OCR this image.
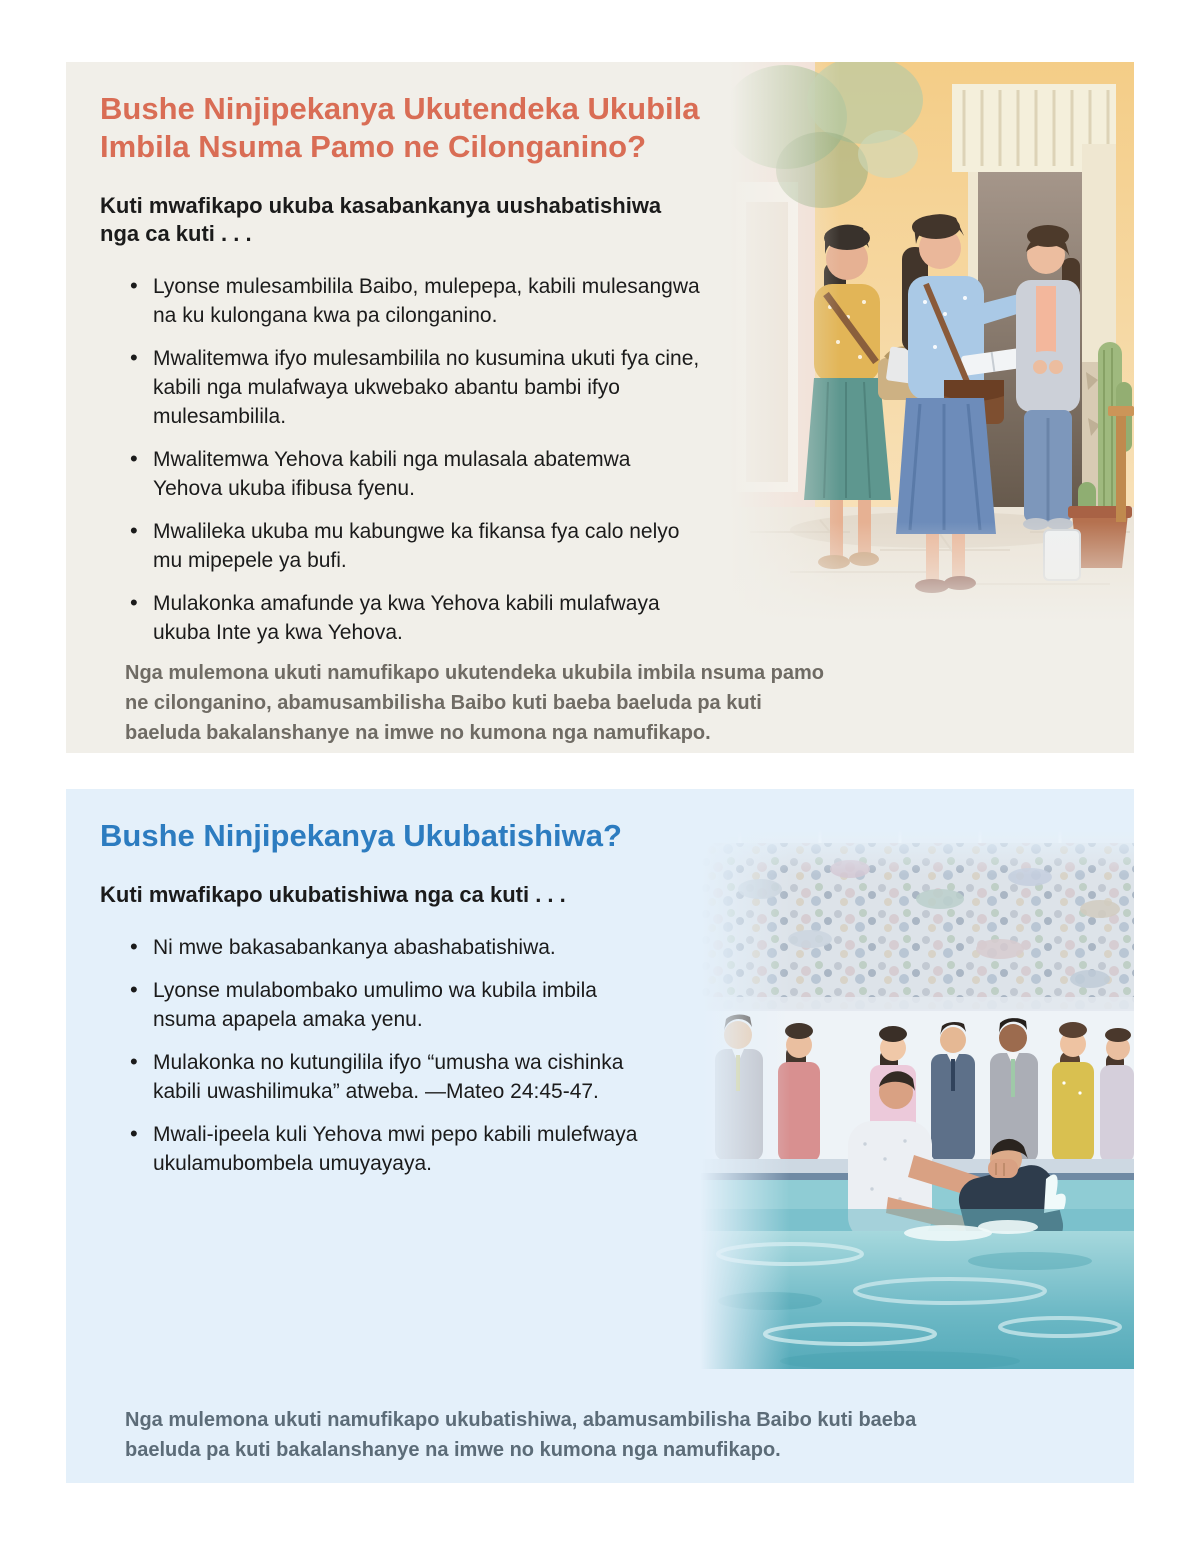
Bushe Ninjipekanya Ukutendeka Ukubila
Imbila Nsuma Pamo ne Cilonganino?

Kuti mwafikapo ukuba kasabankanya uushabatishiwa nga ca kuti . . .

• Lyonse mulesambilila Baibo, mulepepa, kabili mulesangwa na ku kulongana kwa pa cilonganino.
• Mwalitemwa ifyo mulesambilila no kusumina ukuti fya cine, kabili nga mulafwaya ukwebako abantu bambi ifyo mulesambilila.
• Mwalitemwa Yehova kabili nga mulasala abatemwa Yehova ukuba ifibusa fyenu.
• Mwalileka ukuba mu kabungwe ka fikansa fya calo nelyo mu mipepele ya bufi.
• Mulakonka amafunde ya kwa Yehova kabili mulafwaya ukuba Inte ya kwa Yehova.

Nga mulemona ukuti namufikapo ukutendeka ukubila imbila nsuma pamo ne cilonganino, abamusambilisha Baibo kuti baeba baeluda pa kuti baeluda bakalanshanye na imwe no kumona nga namufikapo.

Bushe Ninjipekanya Ukubatishiwa?

Kuti mwafikapo ukubatishiwa nga ca kuti . . .

• Ni mwe bakasabankanya abashabatishiwa.
• Lyonse mulabombako umulimo wa kubila imbila nsuma apapela amaka yenu.
• Mulakonka no kutungilila ifyo “umusha wa cishinka kabili uwashilimuka” atweba. —Mateo 24:45-47.
• Mwali-ipeela kuli Yehova mwi pepo kabili mulefwaya ukulamubombela umuyayaya.

Nga mulemona ukuti namufikapo ukubatishiwa, abamusambilisha Baibo kuti baeba baeluda pa kuti bakalanshanye na imwe no kumona nga namufikapo.
